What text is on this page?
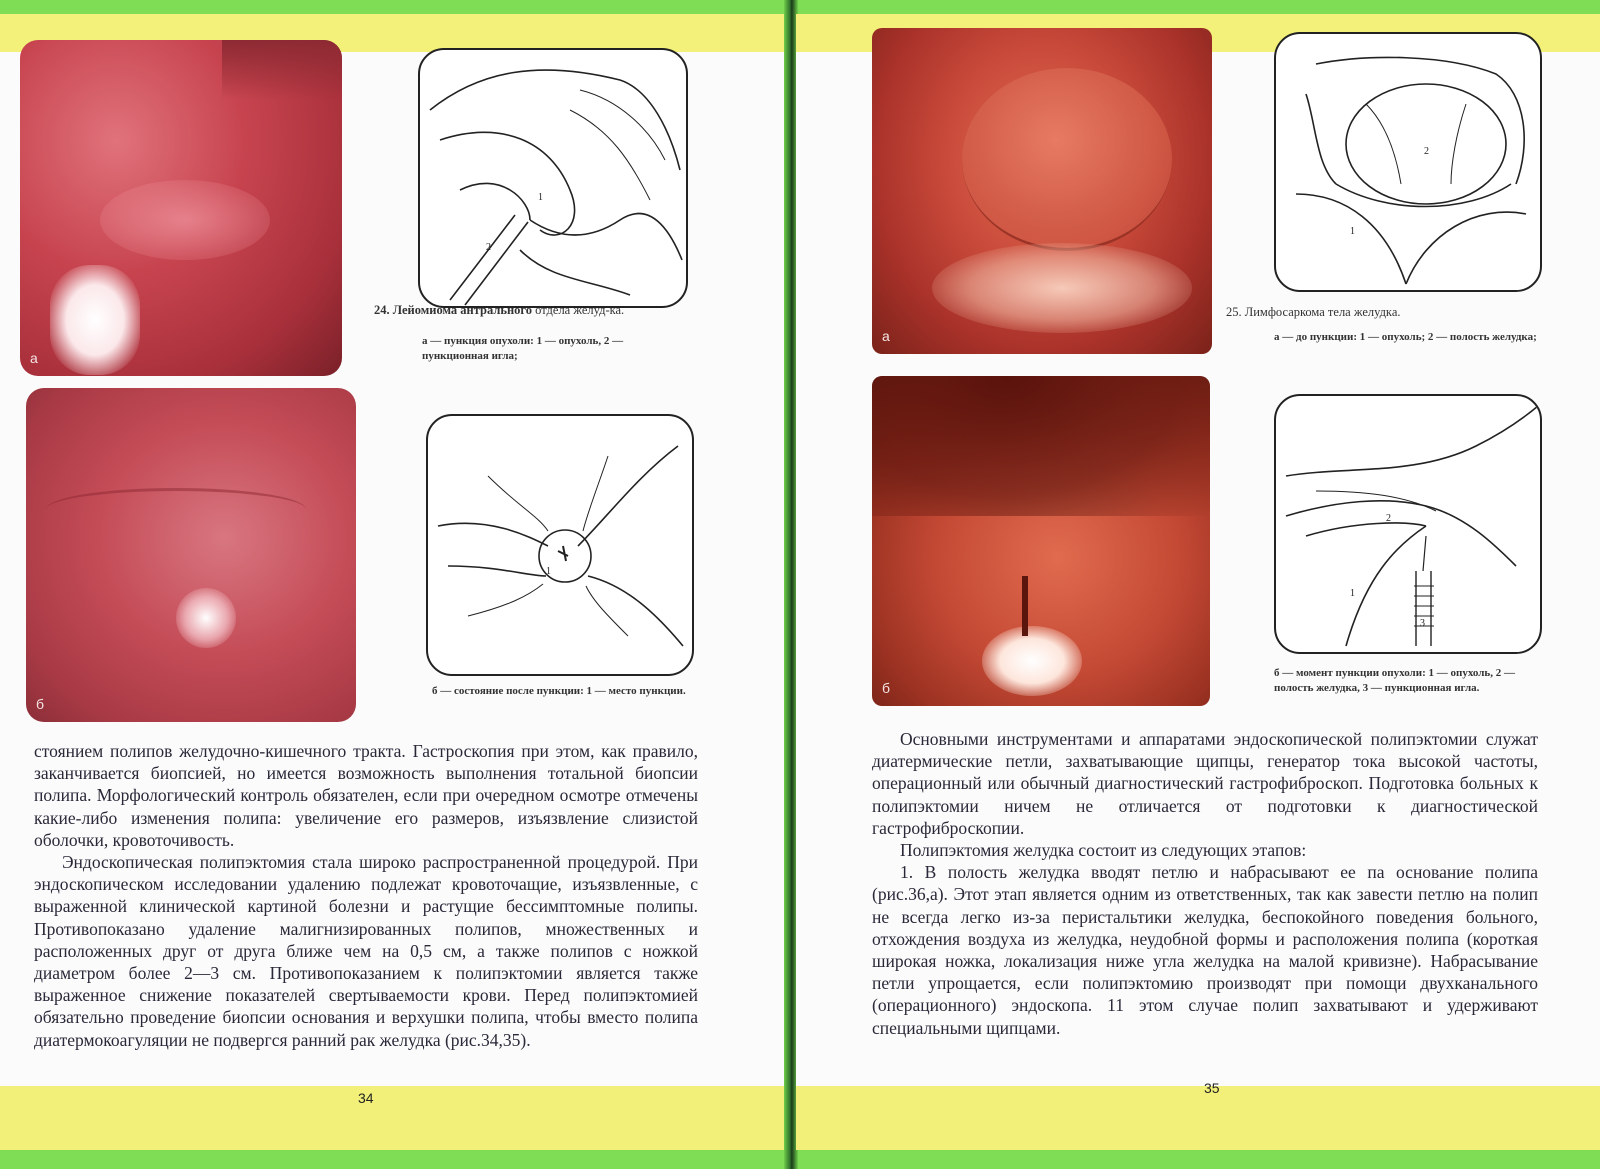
а
б
1
2
24. Лейомиома антрального отдела желуд-ка.
а — пункция опухоли: 1 — опухоль, 2 — пункционная игла;
1
б — состояние после пункции: 1 — место пункции.

стоянием полипов желудочно-кишечного тракта. Гастроскопия при этом, как правило, заканчивается биопсией, но имеется возможность выполнения тотальной биопсии полипа. Морфологический контроль обязателен, если при очередном осмотре отмечены какие-либо изменения полипа: увеличение его размеров, изъязвление слизистой оболочки, кровоточивость.

Эндоскопическая полипэктомия стала широко распространенной процедурой. При эндоскопическом исследовании удалению подлежат кровоточащие, изъязвленные, с выраженной клинической картиной болезни и растущие бессимптомные полипы. Противопоказано удаление малигнизированных полипов, множественных и расположенных друг от друга ближе чем на 0,5 см, а также полипов с ножкой диаметром более 2—3 см. Противопоказанием к полипэктомии является также выраженное снижение показателей свертываемости крови. Перед полипэктомией обязательно проведение биопсии основания и верхушки полипа, чтобы вместо полипа диатермокоагуляции не подвергся ранний рак желудка (рис.34,35).

34
а
б
2
1
25. Лимфосаркома тела желудка.
а — до пункции: 1 — опухоль; 2 — полость желудка;
2
1
3
б — момент пункции опухоли: 1 — опухоль, 2 — полость желудка, 3 — пункционная игла.

Основными инструментами и аппаратами эндоскопической полипэктомии служат диатермические петли, захватывающие щипцы, генератор тока высокой частоты, операционный или обычный диагностический гастрофиброскоп. Подготовка больных к полипэктомии ничем не отличается от подготовки к диагностической гастрофиброскопии.

Полипэктомия желудка состоит из следующих этапов:

1. В полость желудка вводят петлю и набрасывают ее па основание полипа (рис.36,а). Этот этап является одним из ответственных, так как завести петлю на полип не всегда легко из-за перистальтики желудка, беспокойного поведения больного, отхождения воздуха из желудка, неудобной формы и расположения полипа (короткая широкая ножка, локализация ниже угла желудка на малой кривизне). Набрасывание петли упрощается, если полипэктомию производят при помощи двухканального (операционного) эндоскопа. 11 этом случае полип захватывают и удерживают специальными щипцами.

35
